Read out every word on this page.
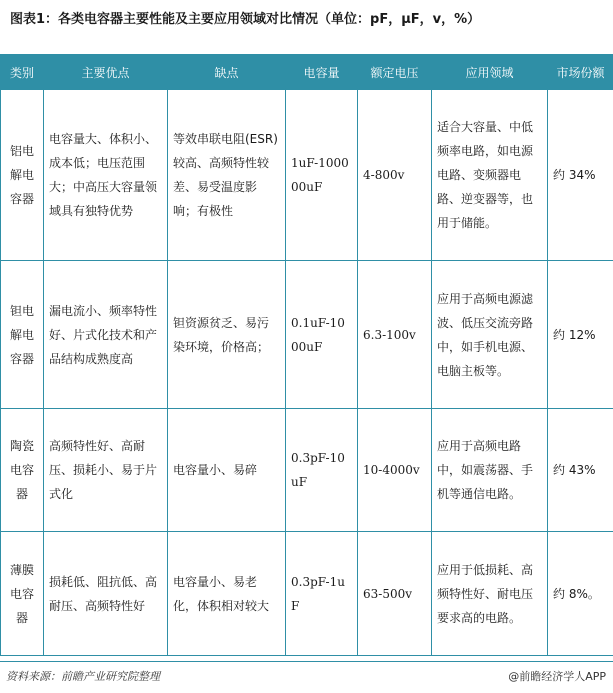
图表1：各类电容器主要性能及主要应用领域对比情况（单位：pF，μF，v，%）
类别	主要优点	缺点	电容量	额定电压	应用领域	市场份额

铝电
解电
容器	电容量大、体积小、成本低；电压范围大；中高压大容量领域具有独特优势	等效串联电阻(ESR)较高、高频特性较差、易受温度影响；有极性	1uF-100000uF	4-800v	适合大容量、中低频率电路，如电源电路、变频器电路、逆变器等，也用于储能。	约 34%

钽电
解电
容器	漏电流小、频率特性好、片式化技术和产品结构成熟度高	钽资源贫乏、易污染环境，价格高；	0.1uF-1000uF	6.3-100v	应用于高频电源滤波、低压交流旁路中，如手机电源、电脑主板等。	约 12%

陶瓷
电容
器	高频特性好、高耐压、损耗小、易于片式化	电容量小、易碎	0.3pF-10uF	10-4000v	应用于高频电路中，如震荡器、手机等通信电路。	约 43%

薄膜
电容
器	损耗低、阻抗低、高耐压、高频特性好	电容量小、易老化，体积相对较大	0.3pF-1uF	63-500v	应用于低损耗、高频特性好、耐电压要求高的电路。	约 8%。
资料来源：前瞻产业研究院整理	@前瞻经济学人APP
